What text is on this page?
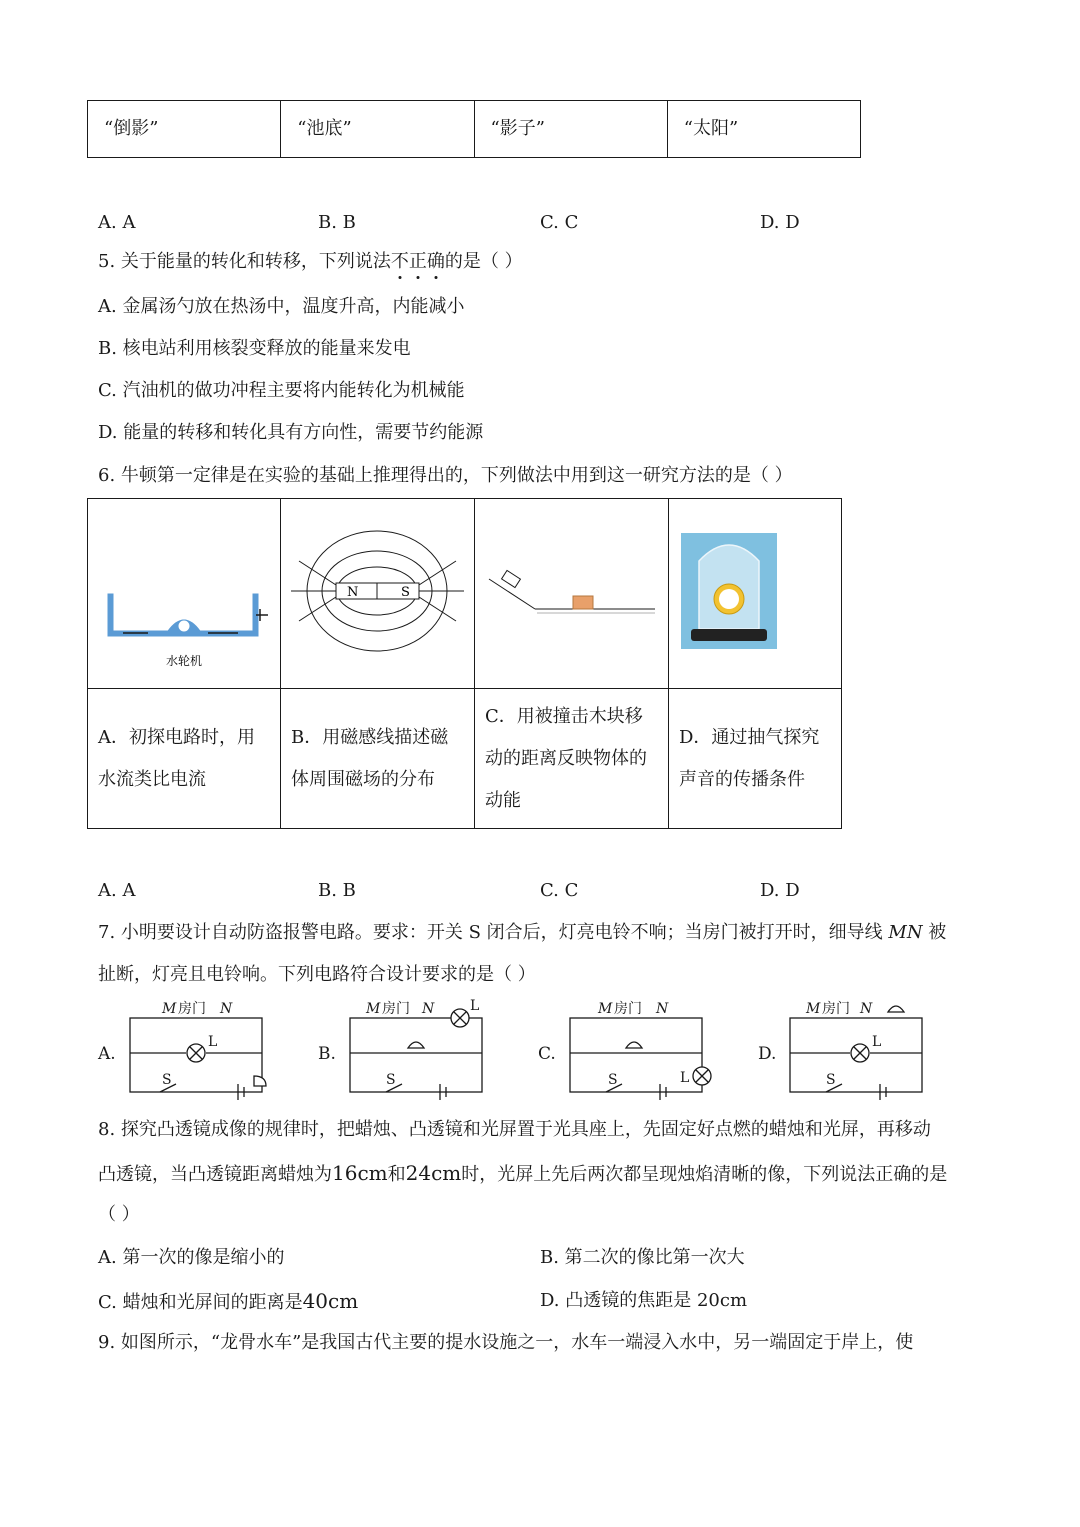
“倒影”	“池底”	“影子”	“太阳”
A. A	B. B	C. C	D. D
5. 关于能量的转化和转移，下列说法不正确的是（ ）
A. 金属汤勺放在热汤中，温度升高，内能减小
B. 核电站利用核裂变释放的能量来发电
C. 汽油机的做功冲程主要将内能转化为机械能
D. 能量的转移和转化具有方向性，需要节约能源
6. 牛顿第一定律是在实验的基础上推理得出的，下列做法中用到这一研究方法的是（ ）
水轮机	N S

A．初探电路时，用水流类比电流	B．用磁感线描述磁体周围磁场的分布	C．用被撞击木块移动的距离反映物体的动能	D．通过抽气探究声音的传播条件
A. A	B. B	C. C	D. D
7. 小明要设计自动防盗报警电路。要求：开关 S 闭合后，灯亮电铃不响；当房门被打开时，细导线 MN 被
扯断，灯亮且电铃响。下列电路符合设计要求的是（ ）
A.
M 房门 N
L
S
B.
M 房门 N	L
S
C.
M 房门 N
L
S
D.
M 房门 N
L
S
8. 探究凸透镜成像的规律时，把蜡烛、凸透镜和光屏置于光具座上，先固定好点燃的蜡烛和光屏，再移动
凸透镜，当凸透镜距离蜡烛为16cm和24cm时，光屏上先后两次都呈现烛焰清晰的像，下列说法正确的是
（ ）
A. 第一次的像是缩小的	B. 第二次的像比第一次大
C. 蜡烛和光屏间的距离是40cm	D. 凸透镜的焦距是 20cm
9. 如图所示，“龙骨水车”是我国古代主要的提水设施之一，水车一端浸入水中，另一端固定于岸上，使
